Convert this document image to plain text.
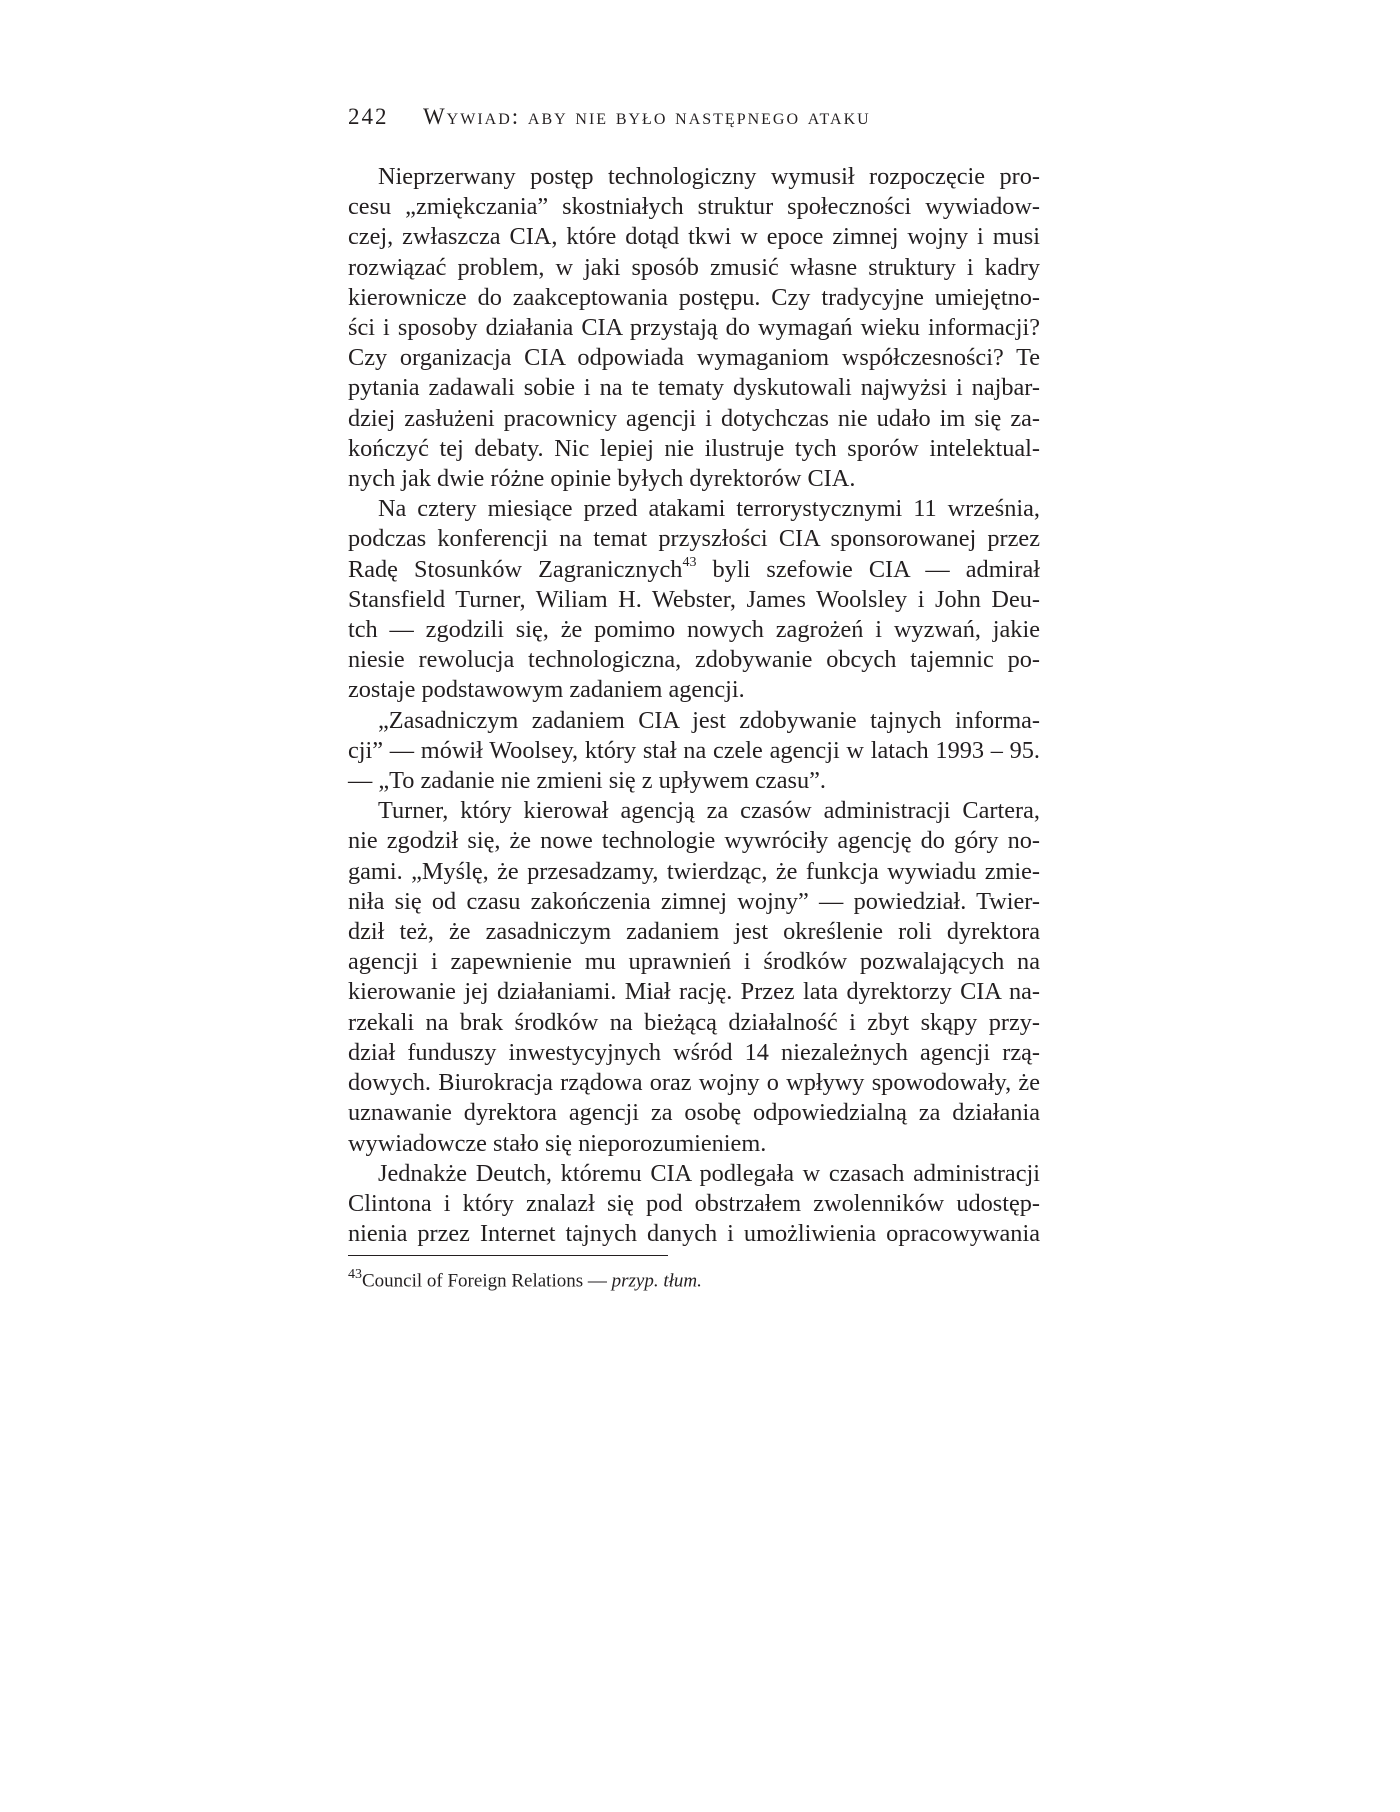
242 Wywiad: aby nie było następnego ataku
Nieprzerwany postęp technologiczny wymusił rozpoczęcie pro-
cesu „zmiękczania” skostniałych struktur społeczności wywiadow-
czej, zwłaszcza CIA, które dotąd tkwi w epoce zimnej wojny i musi
rozwiązać problem, w jaki sposób zmusić własne struktury i kadry
kierownicze do zaakceptowania postępu. Czy tradycyjne umiejętno-
ści i sposoby działania CIA przystają do wymagań wieku informacji?
Czy organizacja CIA odpowiada wymaganiom współczesności? Te
pytania zadawali sobie i na te tematy dyskutowali najwyżsi i najbar-
dziej zasłużeni pracownicy agencji i dotychczas nie udało im się za-
kończyć tej debaty. Nic lepiej nie ilustruje tych sporów intelektual-
nych jak dwie różne opinie byłych dyrektorów CIA.
Na cztery miesiące przed atakami terrorystycznymi 11 września,
podczas konferencji na temat przyszłości CIA sponsorowanej przez
Radę Stosunków Zagranicznych$^{43}$ byli szefowie CIA — admirał
Stansfield Turner, Wiliam H. Webster, James Woolsley i John Deu-
tch — zgodzili się, że pomimo nowych zagrożeń i wyzwań, jakie
niesie rewolucja technologiczna, zdobywanie obcych tajemnic po-
zostaje podstawowym zadaniem agencji.
„Zasadniczym zadaniem CIA jest zdobywanie tajnych informa-
cji” — mówił Woolsey, który stał na czele agencji w latach 1993 – 95.
— „To zadanie nie zmieni się z upływem czasu”.
Turner, który kierował agencją za czasów administracji Cartera,
nie zgodził się, że nowe technologie wywróciły agencję do góry no-
gami. „Myślę, że przesadzamy, twierdząc, że funkcja wywiadu zmie-
niła się od czasu zakończenia zimnej wojny” — powiedział. Twier-
dził też, że zasadniczym zadaniem jest określenie roli dyrektora
agencji i zapewnienie mu uprawnień i środków pozwalających na
kierowanie jej działaniami. Miał rację. Przez lata dyrektorzy CIA na-
rzekali na brak środków na bieżącą działalność i zbyt skąpy przy-
dział funduszy inwestycyjnych wśród 14 niezależnych agencji rzą-
dowych. Biurokracja rządowa oraz wojny o wpływy spowodowały, że
uznawanie dyrektora agencji za osobę odpowiedzialną za działania
wywiadowcze stało się nieporozumieniem.
Jednakże Deutch, któremu CIA podlegała w czasach administracji
Clintona i który znalazł się pod obstrzałem zwolenników udostęp-
nienia przez Internet tajnych danych i umożliwienia opracowywania
$^{43}$Council of Foreign Relations — przyp. tłum.
